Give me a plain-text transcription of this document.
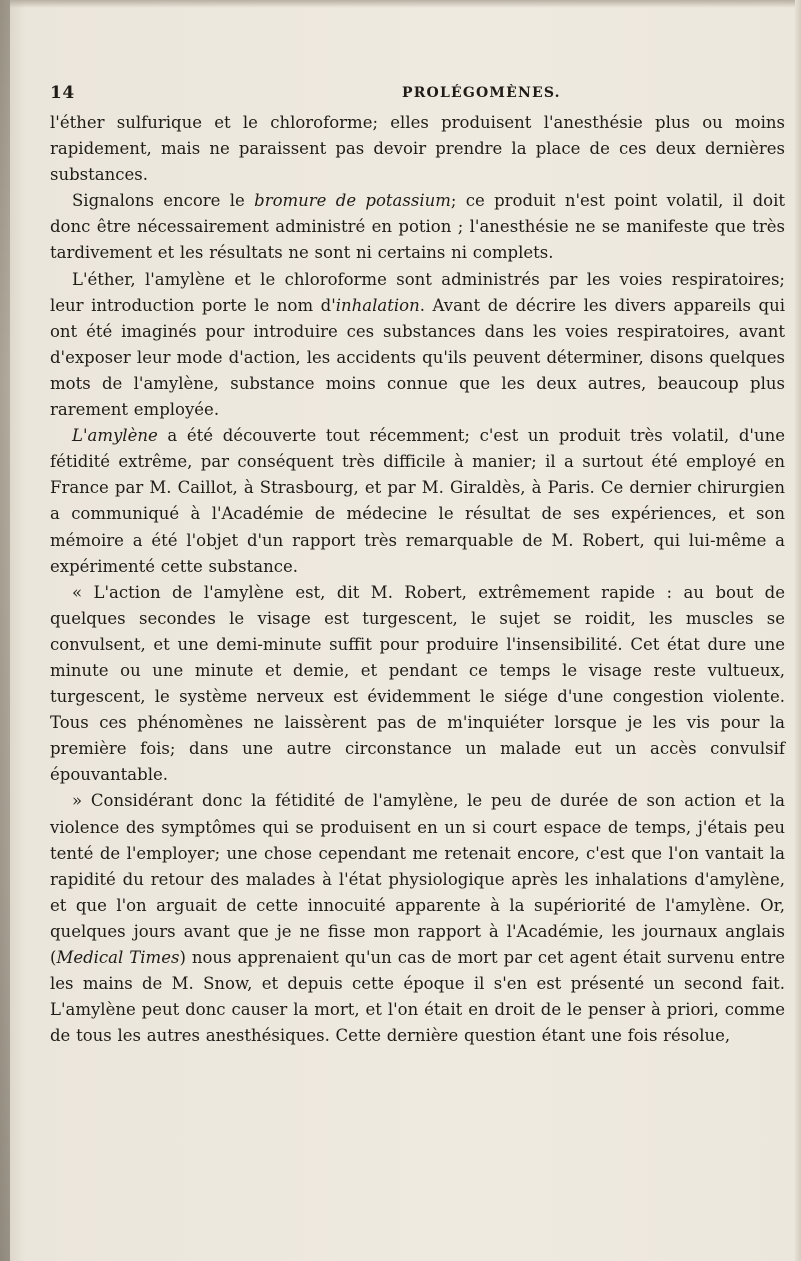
14	PROLÉGOMÈNES.

l'éther sulfurique et le chloroforme; elles produisent l'anesthésie plus ou moins rapidement, mais ne paraissent pas devoir prendre la place de ces deux dernières substances.

Signalons encore le bromure de potassium; ce produit n'est point volatil, il doit donc être nécessairement administré en potion ; l'anesthésie ne se manifeste que très tardivement et les résultats ne sont ni certains ni complets.

L'éther, l'amylène et le chloroforme sont administrés par les voies respiratoires; leur introduction porte le nom d'inhalation. Avant de décrire les divers appareils qui ont été imaginés pour introduire ces substances dans les voies respiratoires, avant d'exposer leur mode d'action, les accidents qu'ils peuvent déterminer, disons quelques mots de l'amylène, substance moins connue que les deux autres, beaucoup plus rarement employée.

L'amylène a été découverte tout récemment; c'est un produit très volatil, d'une fétidité extrême, par conséquent très difficile à manier; il a surtout été employé en France par M. Caillot, à Strasbourg, et par M. Giraldès, à Paris. Ce dernier chirurgien a communiqué à l'Académie de médecine le résultat de ses expériences, et son mémoire a été l'objet d'un rapport très remarquable de M. Robert, qui lui-même a expérimenté cette substance.

« L'action de l'amylène est, dit M. Robert, extrêmement rapide : au bout de quelques secondes le visage est turgescent, le sujet se roidit, les muscles se convulsent, et une demi-minute suffit pour produire l'insensibilité. Cet état dure une minute ou une minute et demie, et pendant ce temps le visage reste vultueux, turgescent, le système nerveux est évidemment le siége d'une congestion violente. Tous ces phénomènes ne laissèrent pas de m'inquiéter lorsque je les vis pour la première fois; dans une autre circonstance un malade eut un accès convulsif épouvantable.

» Considérant donc la fétidité de l'amylène, le peu de durée de son action et la violence des symptômes qui se produisent en un si court espace de temps, j'étais peu tenté de l'employer; une chose cependant me retenait encore, c'est que l'on vantait la rapidité du retour des malades à l'état physiologique après les inhalations d'amylène, et que l'on arguait de cette innocuité apparente à la supériorité de l'amylène. Or, quelques jours avant que je ne fisse mon rapport à l'Académie, les journaux anglais (Medical Times) nous apprenaient qu'un cas de mort par cet agent était survenu entre les mains de M. Snow, et depuis cette époque il s'en est présenté un second fait. L'amylène peut donc causer la mort, et l'on était en droit de le penser à priori, comme de tous les autres anesthésiques. Cette dernière question étant une fois résolue,
